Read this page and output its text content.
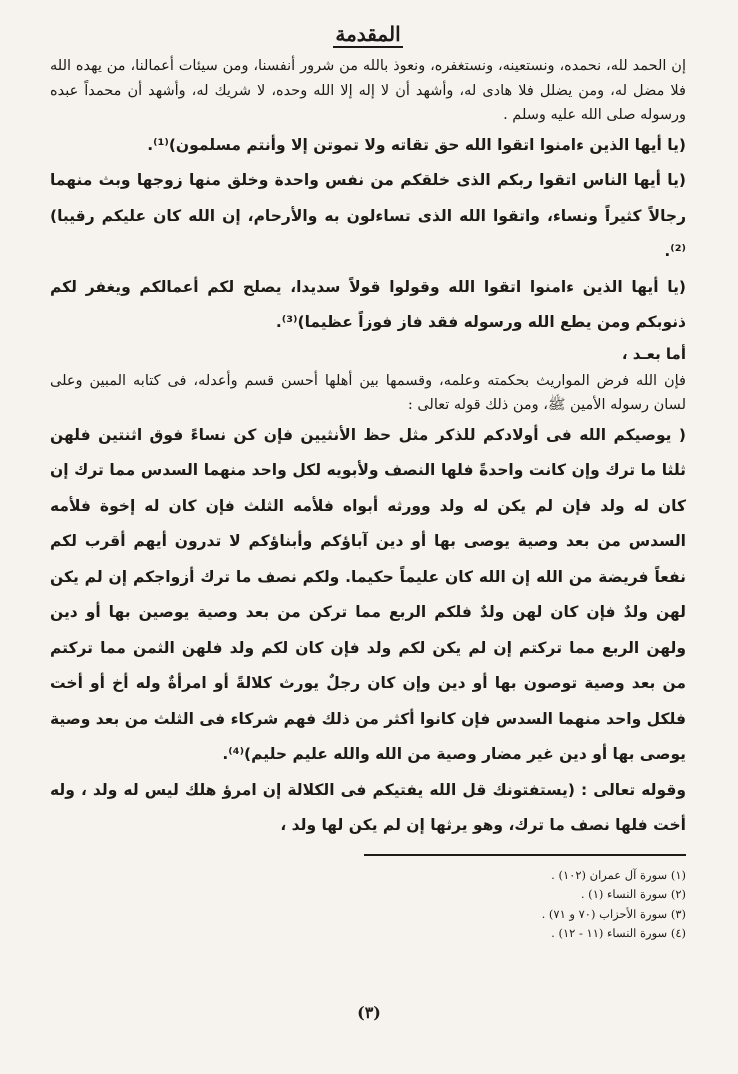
المقدمة

إن الحمد لله، نحمده، ونستعينه، ونستغفره، ونعوذ بالله من شرور أنفسنا، ومن سيئات أعمالنا، من يهده الله فلا مضل له، ومن يضلل فلا هادى له، وأشهد أن لا إله إلا الله وحده، لا شريك له، وأشهد أن محمداً عبده ورسوله صلى الله عليه وسلم .

(يا أيها الذين ءامنوا اتقوا الله حق تقاته ولا تموتن إلا وأنتم مسلمون)⁽¹⁾.

(يا أيها الناس اتقوا ربكم الذى خلقكم من نفس واحدة وخلق منها زوجها وبث منهما رجالاً كثيراً ونساء، واتقوا الله الذى تساءلون به والأرحام، إن الله كان عليكم رقيبا)⁽²⁾.

(يا أيها الذين ءامنوا اتقوا الله وقولوا قولاً سديدا، يصلح لكم أعمالكم ويغفر لكم ذنوبكم ومن يطع الله ورسوله فقد فاز فوزاً عظيما)⁽³⁾.

أما بعـد ،

فإن الله فرض المواريث بحكمته وعلمه، وقسمها بين أهلها أحسن قسم وأعدله، فى كتابه المبين وعلى لسان رسوله الأمين ﷺ، ومن ذلك قوله تعالى :

( يوصيكم الله فى أولادكم للذكر مثل حظ الأنثيين فإن كن نساءً فوق اثنتين فلهن ثلثا ما ترك وإن كانت واحدةً فلها النصف ولأبويه لكل واحد منهما السدس مما ترك إن كان له ولد فإن لم يكن له ولد وورثه أبواه فلأمه الثلث فإن كان له إخوة فلأمه السدس من بعد وصية يوصى بها أو دين آباؤكم وأبناؤكم لا تدرون أيهم أقرب لكم نفعاً فريضة من الله إن الله كان عليماً حكيما. ولكم نصف ما ترك أزواجكم إن لم يكن لهن ولدٌ فإن كان لهن ولدٌ فلكم الربع مما تركن من بعد وصية يوصين بها أو دين ولهن الربع مما تركتم إن لم يكن لكم ولد فإن كان لكم ولد فلهن الثمن مما تركتم من بعد وصية توصون بها أو دين وإن كان رجلٌ يورث كلالةً أو امرأةٌ وله أخ أو أخت فلكل واحد منهما السدس فإن كانوا أكثر من ذلك فهم شركاء فى الثلث من بعد وصية يوصى بها أو دين غير مضار وصية من الله والله عليم حليم)⁽⁴⁾.

وقوله تعالى : (يستفتونك قل الله يفتيكم فى الكلالة إن امرؤ هلك ليس له ولد ، وله أخت فلها نصف ما ترك، وهو يرثها إن لم يكن لها ولد ،

(١) سورة آل عمران (١٠٢) .
(٢) سورة النساء (١) .
(٣) سورة الأحزاب (٧٠ و ٧١) .
(٤) سورة النساء (١١ - ١٢) .
(٣)
